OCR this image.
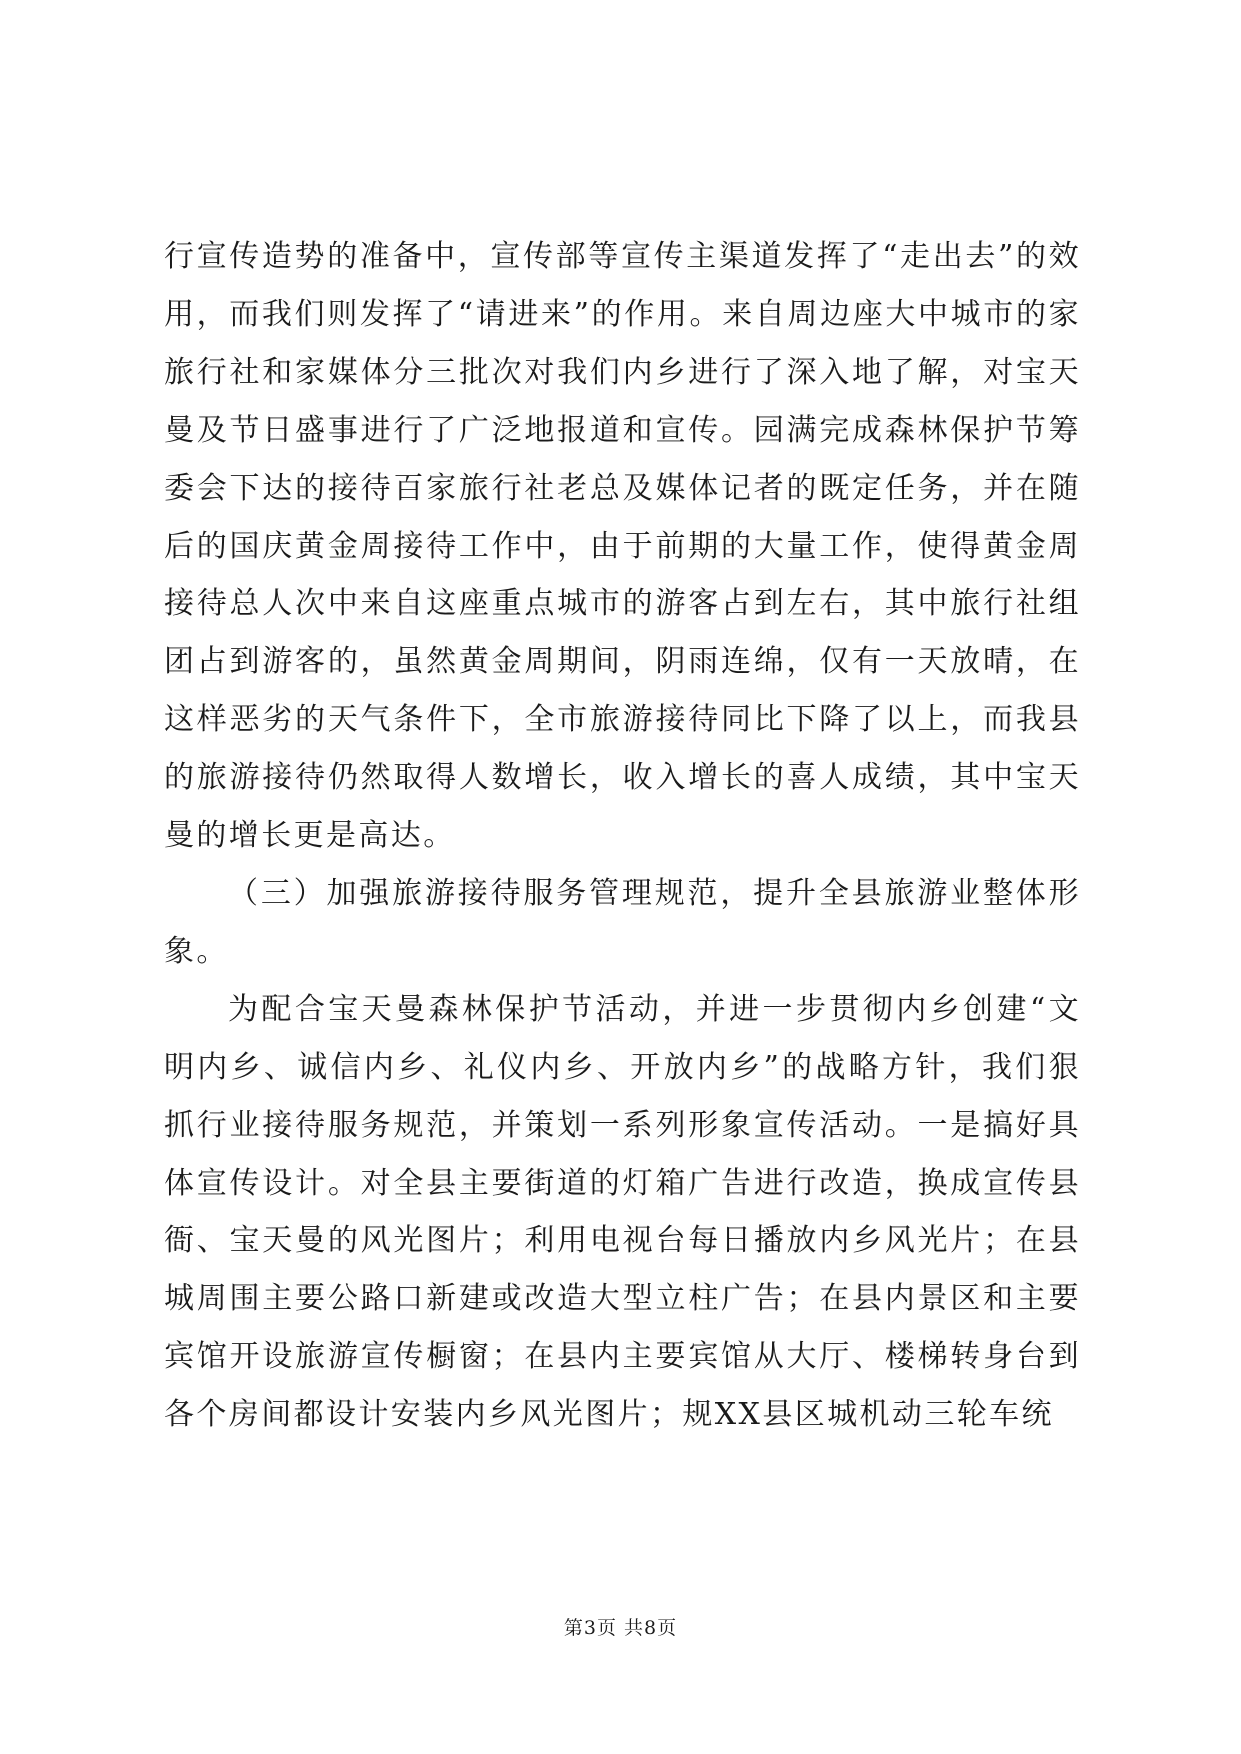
行宣传造势的准备中，宣传部等宣传主渠道发挥了“走出去”的效用，而我们则发挥了“请进来”的作用。来自周边座大中城市的家旅行社和家媒体分三批次对我们内乡进行了深入地了解，对宝天曼及节日盛事进行了广泛地报道和宣传。园满完成森林保护节筹委会下达的接待百家旅行社老总及媒体记者的既定任务，并在随后的国庆黄金周接待工作中，由于前期的大量工作，使得黄金周接待总人次中来自这座重点城市的游客占到左右，其中旅行社组团占到游客的，虽然黄金周期间，阴雨连绵，仅有一天放晴，在这样恶劣的天气条件下，全市旅游接待同比下降了以上，而我县的旅游接待仍然取得人数增长，收入增长的喜人成绩，其中宝天曼的增长更是高达。

（三）加强旅游接待服务管理规范，提升全县旅游业整体形象。

为配合宝天曼森林保护节活动，并进一步贯彻内乡创建“文明内乡、诚信内乡、礼仪内乡、开放内乡”的战略方针，我们狠抓行业接待服务规范，并策划一系列形象宣传活动。一是搞好具体宣传设计。对全县主要街道的灯箱广告进行改造，换成宣传县衙、宝天曼的风光图片；利用电视台每日播放内乡风光片；在县城周围主要公路口新建或改造大型立柱广告；在县内景区和主要宾馆开设旅游宣传橱窗；在县内主要宾馆从大厅、楼梯转身台到各个房间都设计安装内乡风光图片；规XX县区城机动三轮车统

第3页 共8页
